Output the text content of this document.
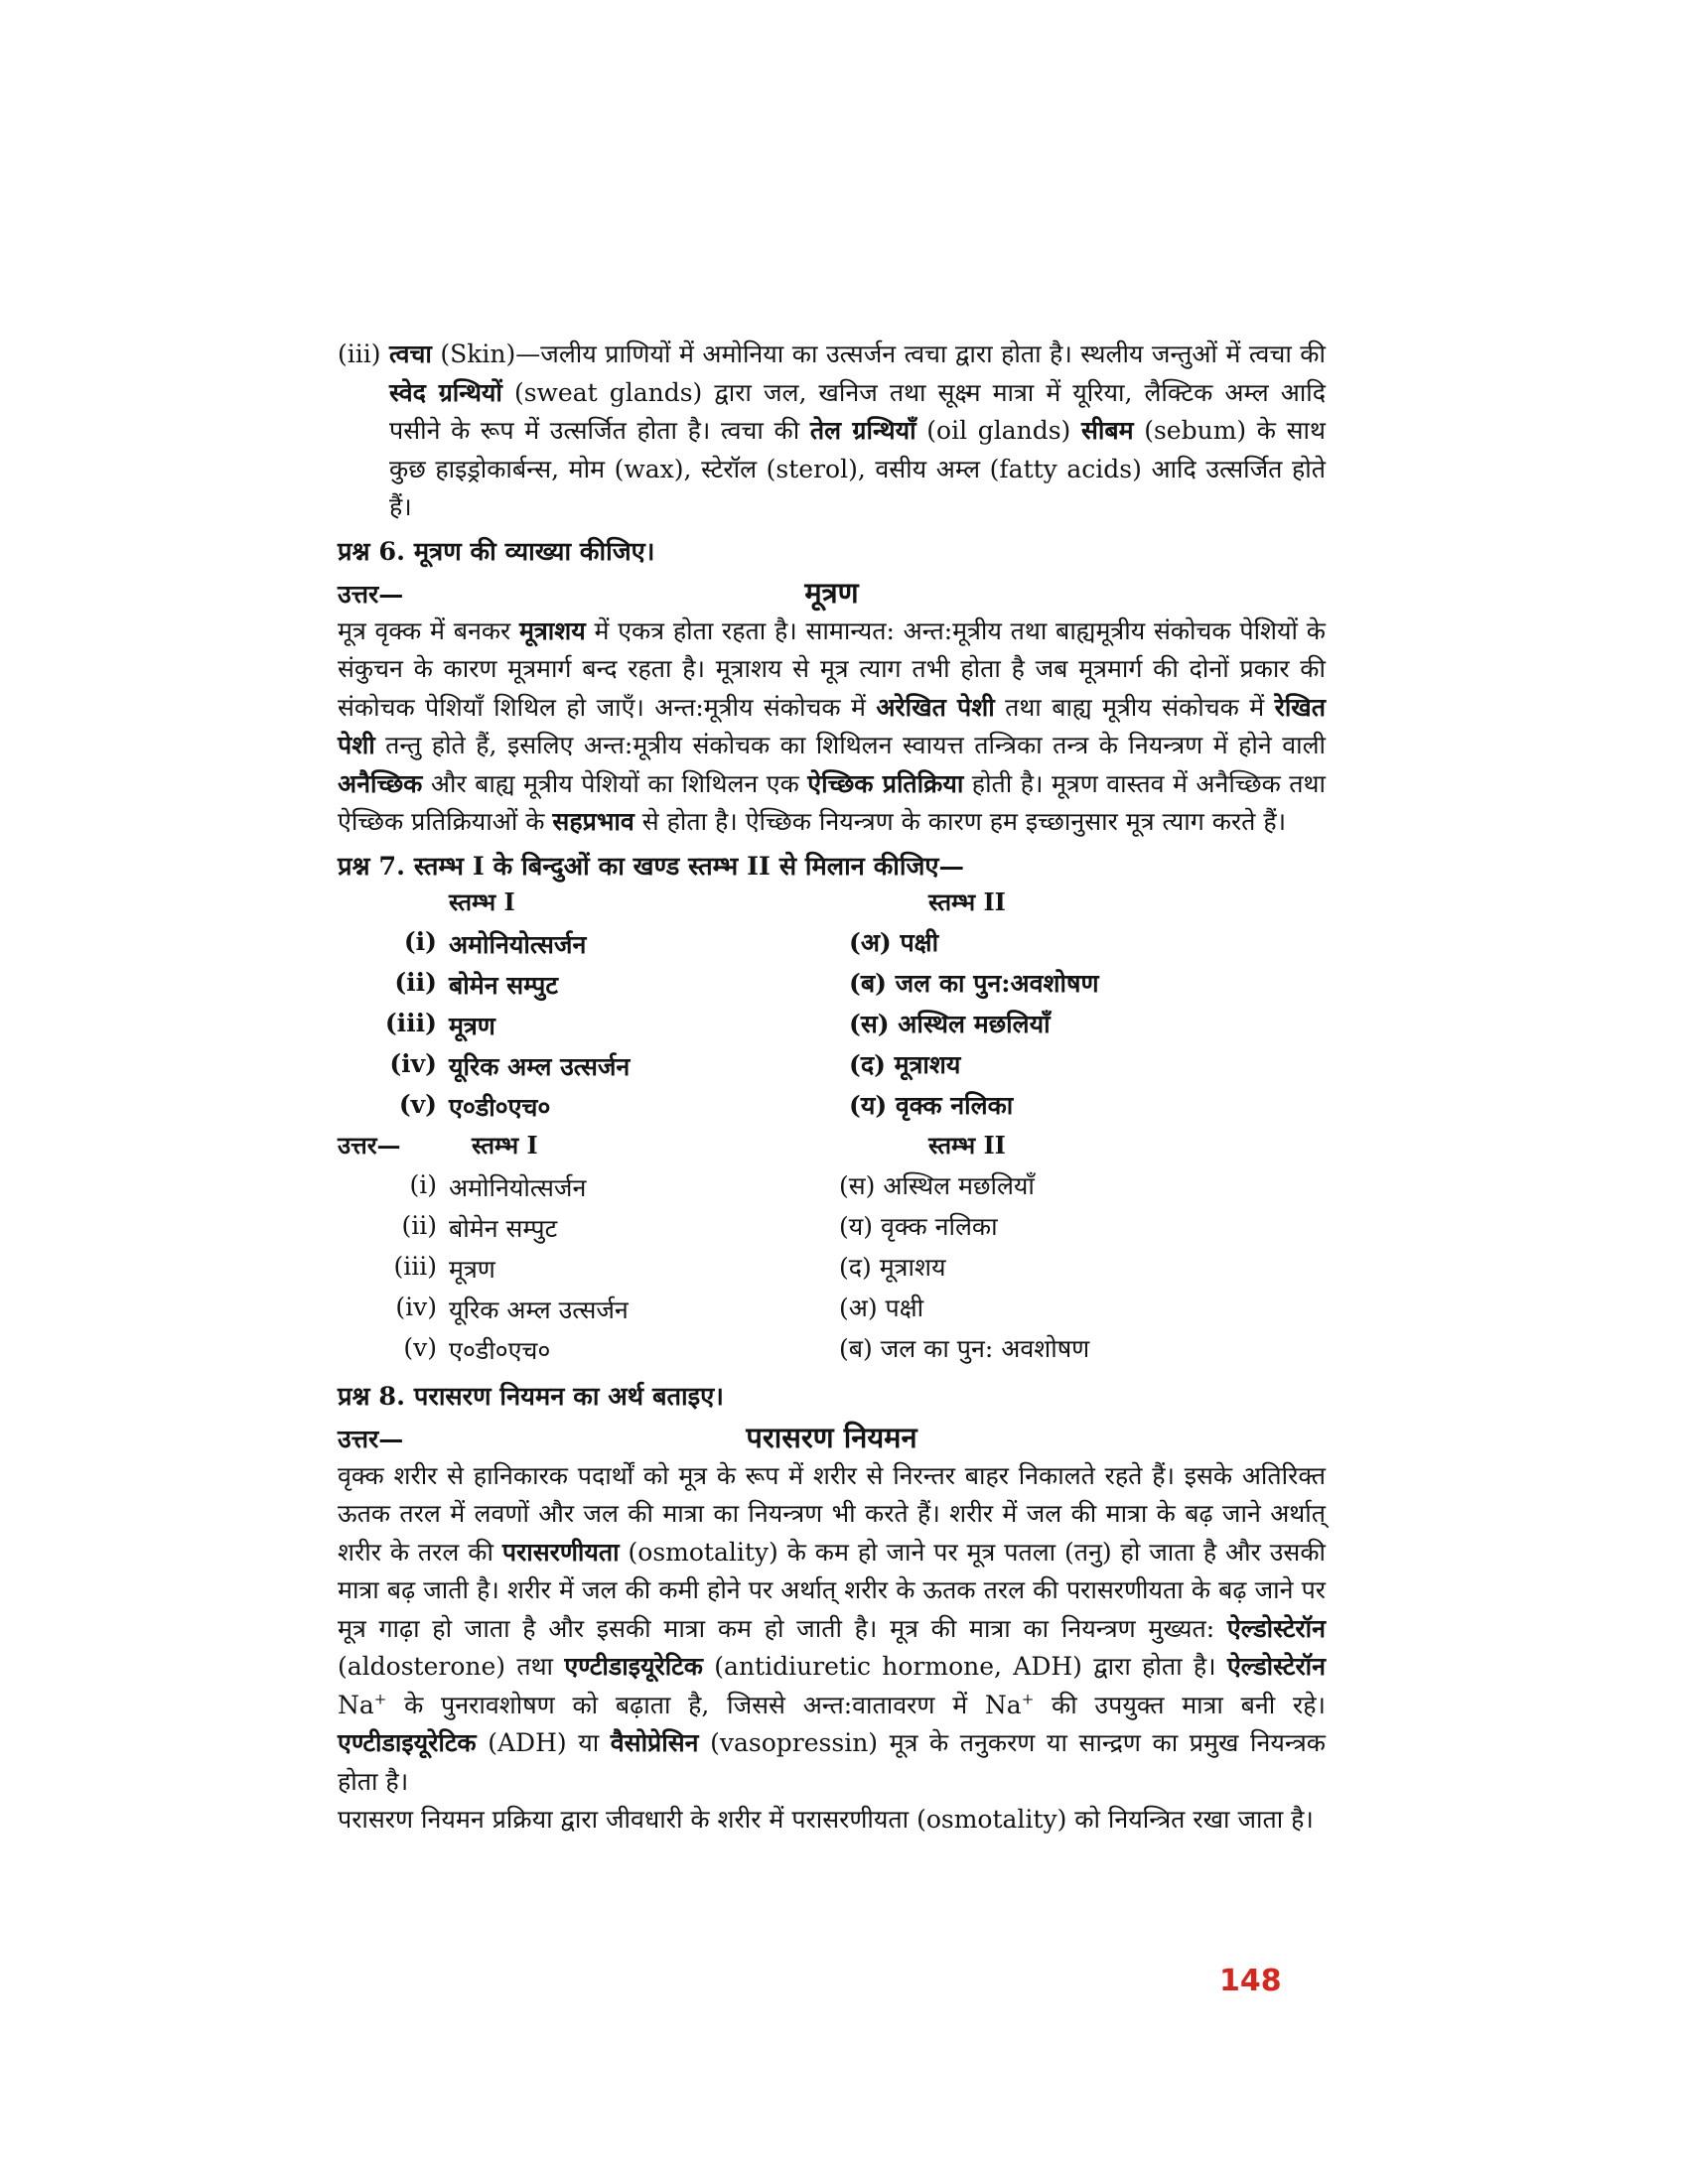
(iii) त्वचा (Skin)—जलीय प्राणियों में अमोनिया का उत्सर्जन त्वचा द्वारा होता है। स्थलीय जन्तुओं में त्वचा की स्वेद ग्रन्थियों (sweat glands) द्वारा जल, खनिज तथा सूक्ष्म मात्रा में यूरिया, लैक्टिक अम्ल आदि पसीने के रूप में उत्सर्जित होता है। त्वचा की तेल ग्रन्थियाँ (oil glands) सीबम (sebum) के साथ कुछ हाइड्रोकार्बन्स, मोम (wax), स्टेरॉल (sterol), वसीय अम्ल (fatty acids) आदि उत्सर्जित होते हैं।

प्रश्न 6. मूत्रण की व्याख्या कीजिए।

उत्तर—	मूत्रण

मूत्र वृक्क में बनकर मूत्राशय में एकत्र होता रहता है। सामान्यत: अन्त:मूत्रीय तथा बाह्यमूत्रीय संकोचक पेशियों के संकुचन के कारण मूत्रमार्ग बन्द रहता है। मूत्राशय से मूत्र त्याग तभी होता है जब मूत्रमार्ग की दोनों प्रकार की संकोचक पेशियाँ शिथिल हो जाएँ। अन्त:मूत्रीय संकोचक में अरेखित पेशी तथा बाह्य मूत्रीय संकोचक में रेखित पेशी तन्तु होते हैं, इसलिए अन्त:मूत्रीय संकोचक का शिथिलन स्वायत्त तन्त्रिका तन्त्र के नियन्त्रण में होने वाली अनैच्छिक और बाह्य मूत्रीय पेशियों का शिथिलन एक ऐच्छिक प्रतिक्रिया होती है। मूत्रण वास्तव में अनैच्छिक तथा ऐच्छिक प्रतिक्रियाओं के सहप्रभाव से होता है। ऐच्छिक नियन्त्रण के कारण हम इच्छानुसार मूत्र त्याग करते हैं।

प्रश्न 7. स्तम्भ I के बिन्दुओं का खण्ड स्तम्भ II से मिलान कीजिए—

स्तम्भ I	स्तम्भ II
(i) अमोनियोत्सर्जन	(अ) पक्षी
(ii) बोमेन सम्पुट	(ब) जल का पुन:अवशोषण
(iii) मूत्रण	(स) अस्थिल मछलियाँ
(iv) यूरिक अम्ल उत्सर्जन	(द) मूत्राशय
(v) ए०डी०एच०	(य) वृक्क नलिका
उत्तर—	स्तम्भ I	स्तम्भ II
(i) अमोनियोत्सर्जन	(स) अस्थिल मछलियाँ
(ii) बोमेन सम्पुट	(य) वृक्क नलिका
(iii) मूत्रण	(द) मूत्राशय
(iv) यूरिक अम्ल उत्सर्जन	(अ) पक्षी
(v) ए०डी०एच०	(ब) जल का पुन: अवशोषण

प्रश्न 8. परासरण नियमन का अर्थ बताइए।

उत्तर—	परासरण नियमन

वृक्क शरीर से हानिकारक पदार्थों को मूत्र के रूप में शरीर से निरन्तर बाहर निकालते रहते हैं। इसके अतिरिक्त ऊतक तरल में लवणों और जल की मात्रा का नियन्त्रण भी करते हैं। शरीर में जल की मात्रा के बढ़ जाने अर्थात् शरीर के तरल की परासरणीयता (osmotality) के कम हो जाने पर मूत्र पतला (तनु) हो जाता है और उसकी मात्रा बढ़ जाती है। शरीर में जल की कमी होने पर अर्थात् शरीर के ऊतक तरल की परासरणीयता के बढ़ जाने पर मूत्र गाढ़ा हो जाता है और इसकी मात्रा कम हो जाती है। मूत्र की मात्रा का नियन्त्रण मुख्यत: ऐल्डोस्टेरॉन (aldosterone) तथा एण्टीडाइयूरेटिक (antidiuretic hormone, ADH) द्वारा होता है। ऐल्डोस्टेरॉन Na+ के पुनरावशोषण को बढ़ाता है, जिससे अन्त:वातावरण में Na+ की उपयुक्त मात्रा बनी रहे। एण्टीडाइयूरेटिक (ADH) या वैसोप्रेसिन (vasopressin) मूत्र के तनुकरण या सान्द्रण का प्रमुख नियन्त्रक होता है।

परासरण नियमन प्रक्रिया द्वारा जीवधारी के शरीर में परासरणीयता (osmotality) को नियन्त्रित रखा जाता है।

148
